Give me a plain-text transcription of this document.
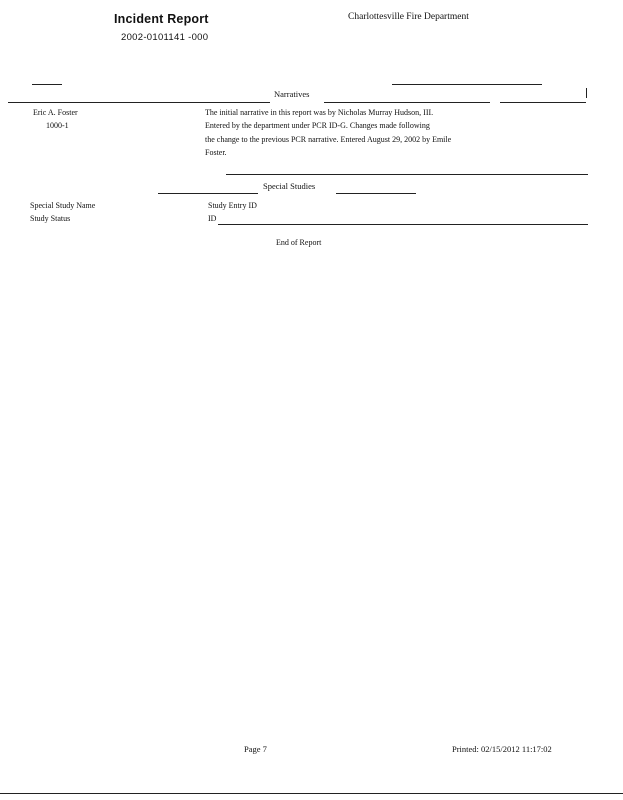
Incident Report	Charlottesville Fire Department
2002-0101141 -000
Narratives
Eric A. Foster
1000-1
The initial narrative in this report was by Nicholas Murray Hudson, III.
Entered by the department under PCR ID-G. Changes made following
the change to the previous PCR narrative. Entered August 29, 2002 by Emile
Foster.
Special Studies
Special Study Name	Study Entry ID
Study Status	ID
End of Report
Page 7	Printed: 02/15/2012 11:17:02
